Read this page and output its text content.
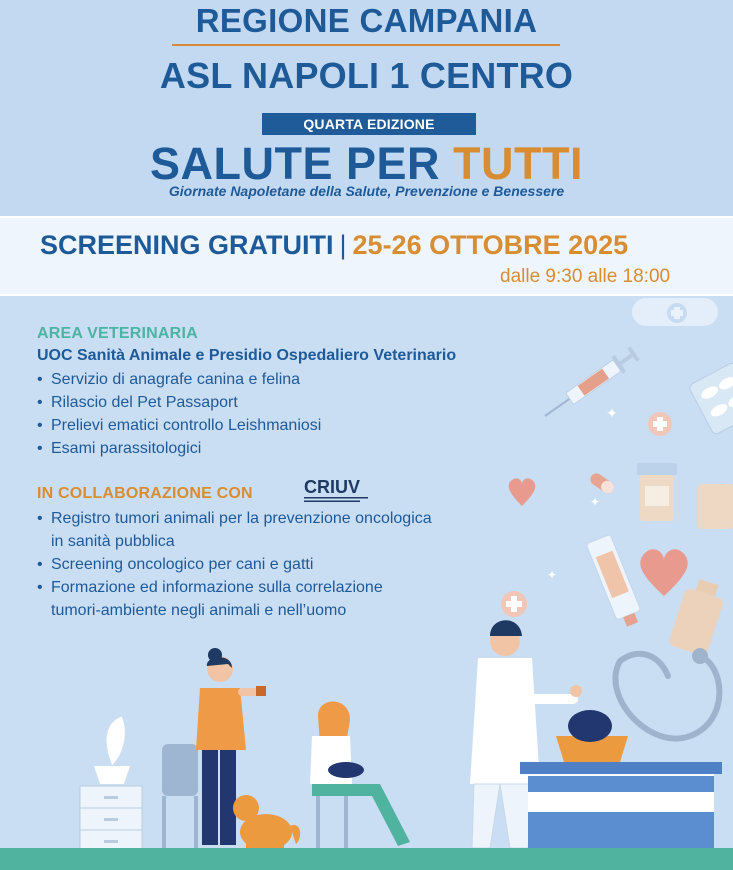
REGIONE CAMPANIA
ASL NAPOLI 1 CENTRO
QUARTA EDIZIONE
SALUTE PER TUTTI
Giornate Napoletane della Salute, Prevenzione e Benessere
SCREENING GRATUITI | 25-26 OTTOBRE 2025
dalle 9:30 alle 18:00
✦
✦
✦
AREA VETERINARIA
UOC Sanità Animale e Presidio Ospedaliero Veterinario
• Servizio di anagrafe canina e felina
• Rilascio del Pet Passaport
• Prelievi ematici controllo Leishmaniosi
• Esami parassitologici
IN COLLABORAZIONE CON	CRIUV
• Registro tumori animali per la prevenzione oncologica
in sanità pubblica
• Screening oncologico per cani e gatti
• Formazione ed informazione sulla correlazione
tumori-ambiente negli animali e nell’uomo
